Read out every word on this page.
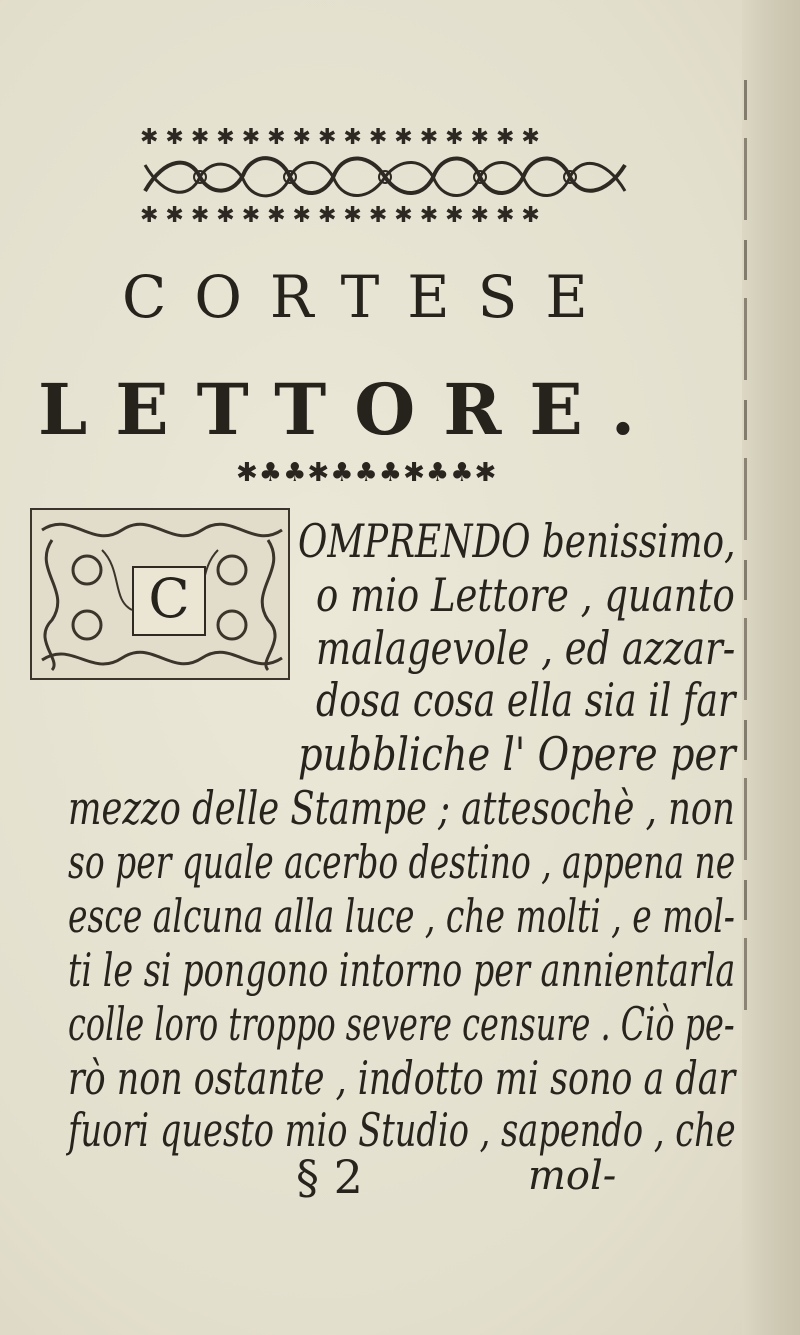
✱ ✱ ✱ ✱ ✱ ✱ ✱ ✱ ✱ ✱ ✱ ✱ ✱ ✱ ✱ ✱
✱ ✱ ✱ ✱ ✱ ✱ ✱ ✱ ✱ ✱ ✱ ✱ ✱ ✱ ✱ ✱
CORTESE
LETTORE.
✱♣♣✱♣♣♣✱♣♣✱
C
OMPRENDO benissimo,
o mio Lettore , quanto
malagevole , ed azzar-
dosa cosa ella sia il far
pubbliche l' Opere per
mezzo delle Stampe ; attesochè , non
so per quale acerbo destino , appena ne
esce alcuna alla luce , che molti , e mol-
ti le si pongono intorno per annientarla
colle loro troppo severe censure . Ciò pe-
rò non ostante , indotto mi sono a dar
fuori questo mio Studio , sapendo , che
§ 2	mol-
